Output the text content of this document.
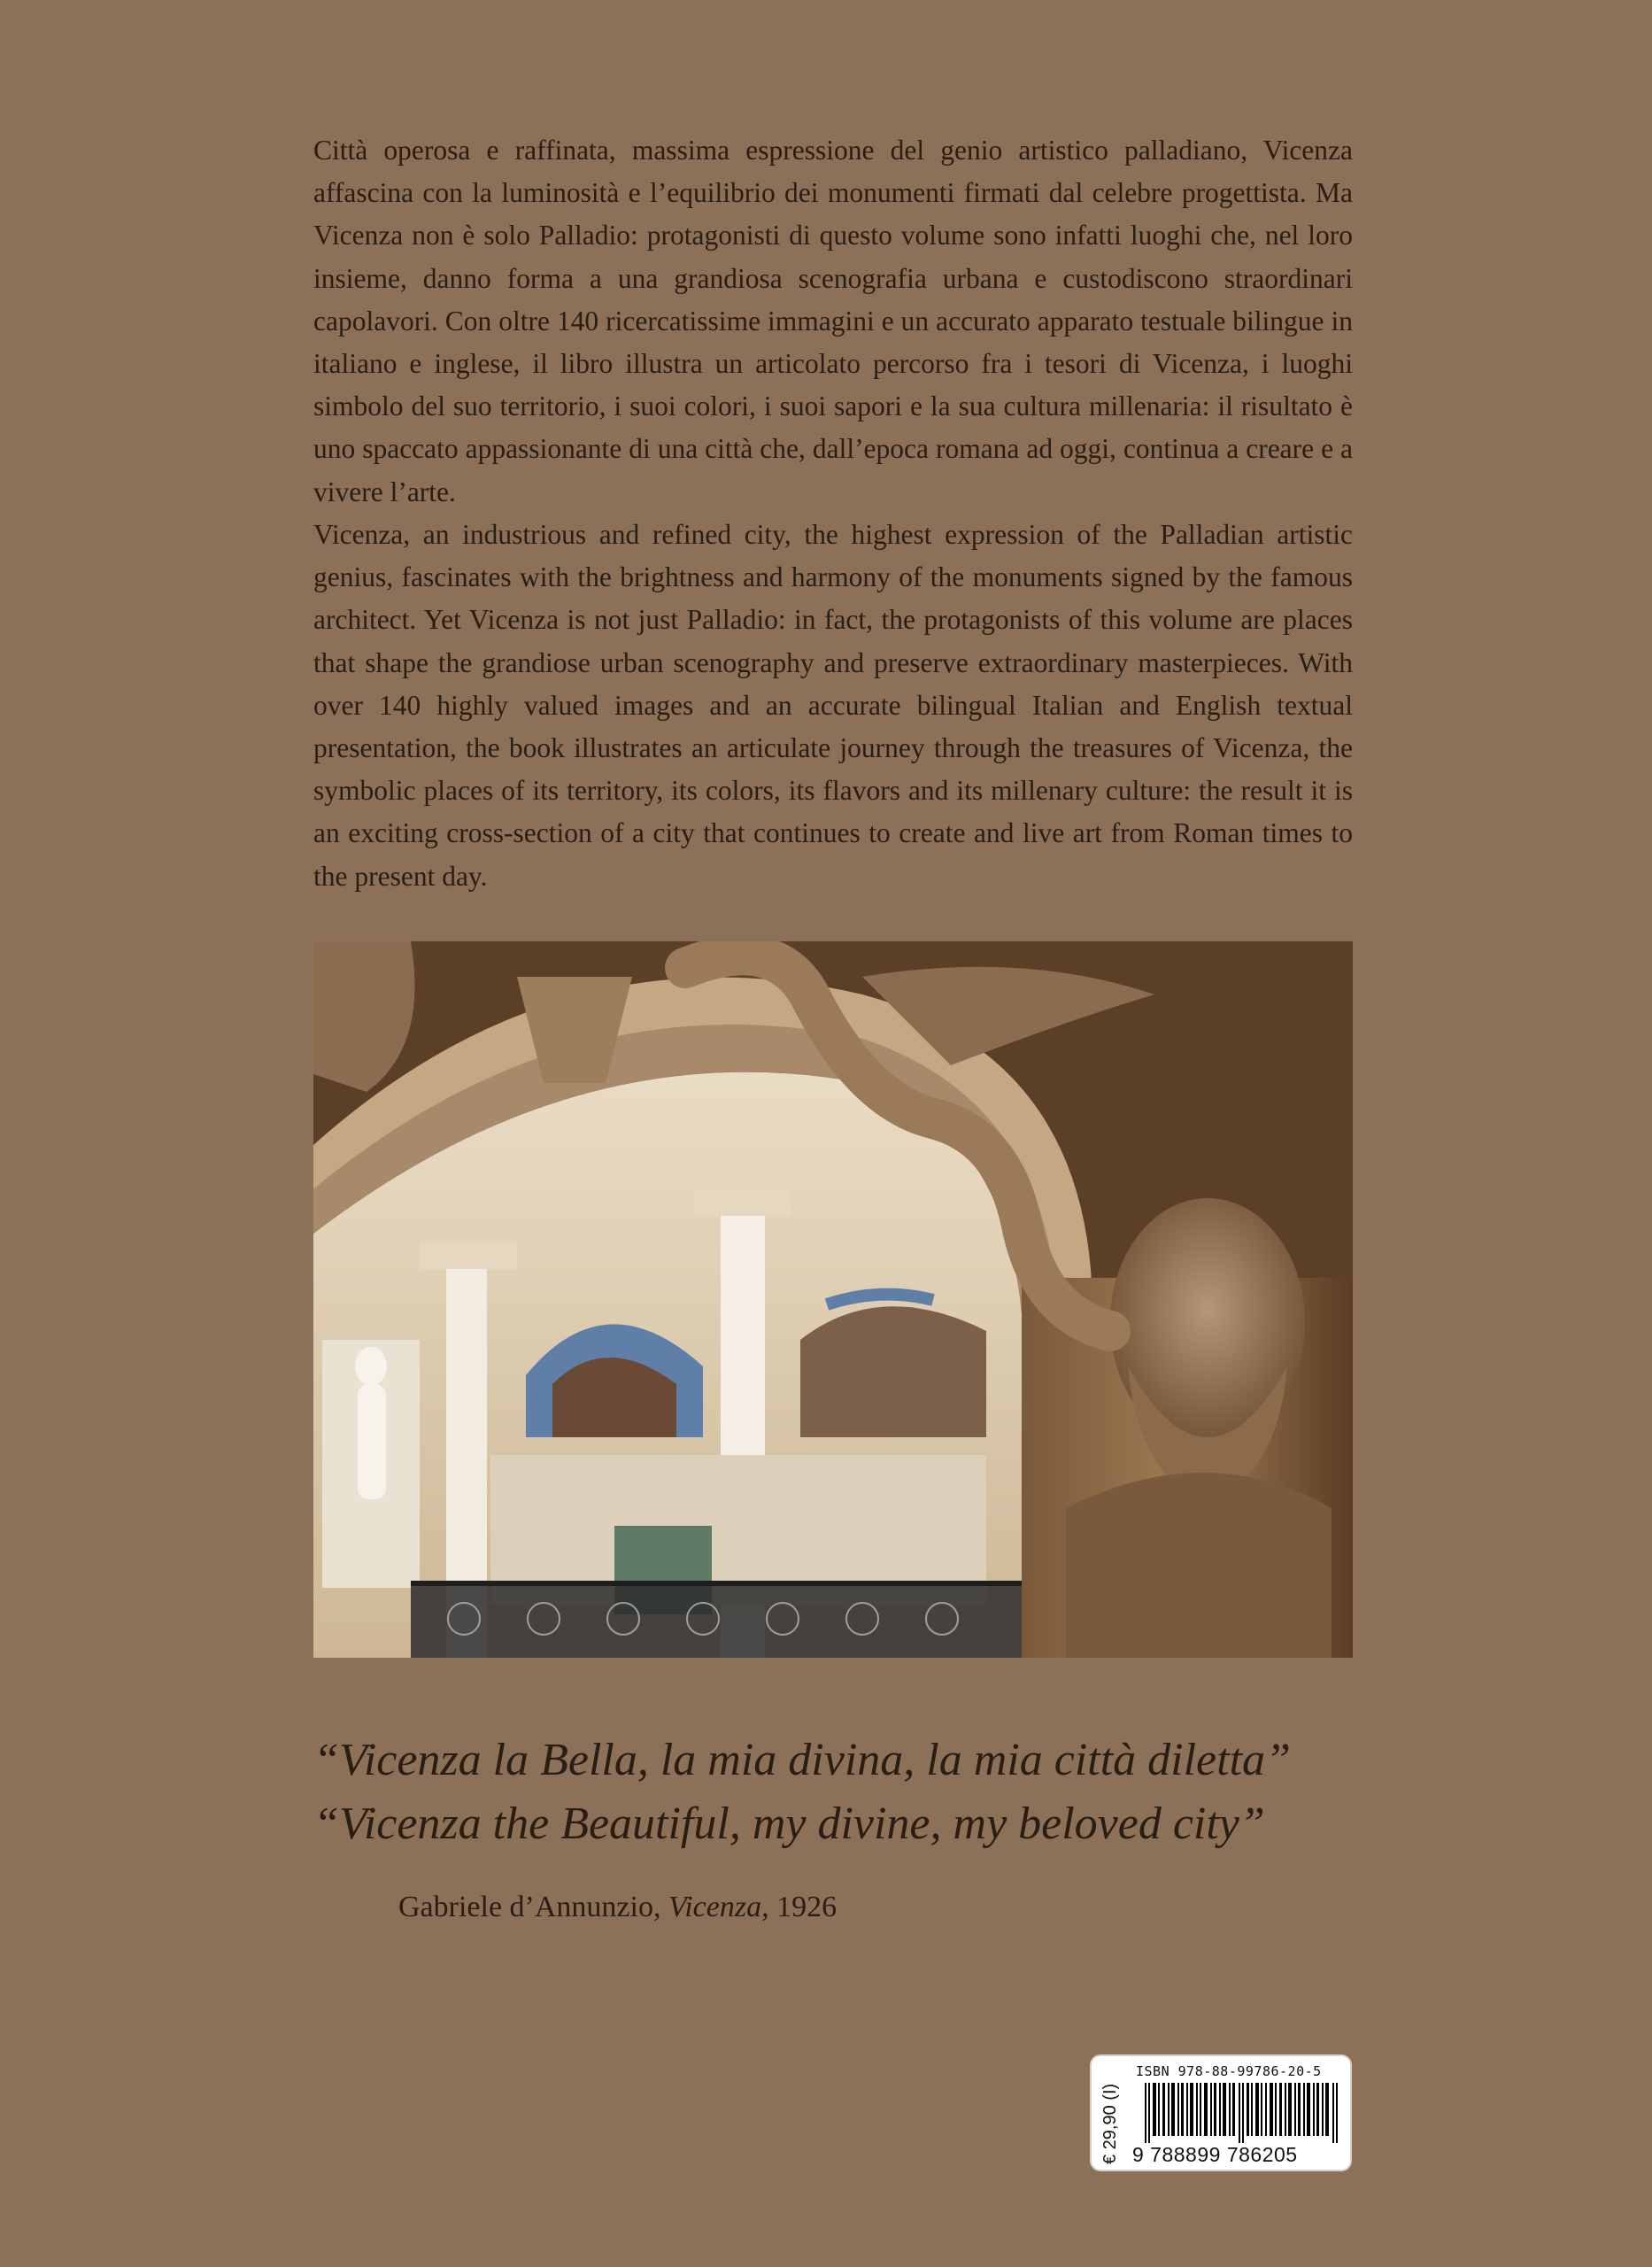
Città operosa e raffinata, massima espressione del genio artistico palladiano, Vicenza affascina con la luminosità e l’equilibrio dei monumenti firmati dal celebre progettista. Ma Vicenza non è solo Palladio: protagonisti di questo volume sono infatti luoghi che, nel loro insieme, danno forma a una grandiosa scenografia urbana e custodiscono straordinari capolavori. Con oltre 140 ricercatissime immagini e un accurato apparato testuale bilingue in italiano e inglese, il libro illustra un articolato percorso fra i tesori di Vicenza, i luoghi simbolo del suo territorio, i suoi colori, i suoi sapori e la sua cultura millenaria: il risultato è uno spaccato appassionante di una città che, dall’epoca romana ad oggi, continua a creare e a vivere l’arte.

Vicenza, an industrious and refined city, the highest expression of the Palladian artistic genius, fascinates with the brightness and harmony of the monuments signed by the famous architect. Yet Vicenza is not just Palladio: in fact, the protagonists of this volume are places that shape the grandiose urban scenography and preserve extraordinary masterpieces. With over 140 highly valued images and an accurate bilingual Italian and English textual presentation, the book illustrates an articulate journey through the treasures of Vicenza, the symbolic places of its territory, its colors, its flavors and its millenary culture: the result it is an exciting cross-section of a city that continues to create and live art from Roman times to the present day.

“Vicenza la Bella, la mia divina, la mia città diletta”

“Vicenza the Beautiful, my divine, my beloved city”

Gabriele d’Annunzio, Vicenza, 1926

ISBN 978-88-99786-20-5
€ 29,90 (I) 9 788899 786205
